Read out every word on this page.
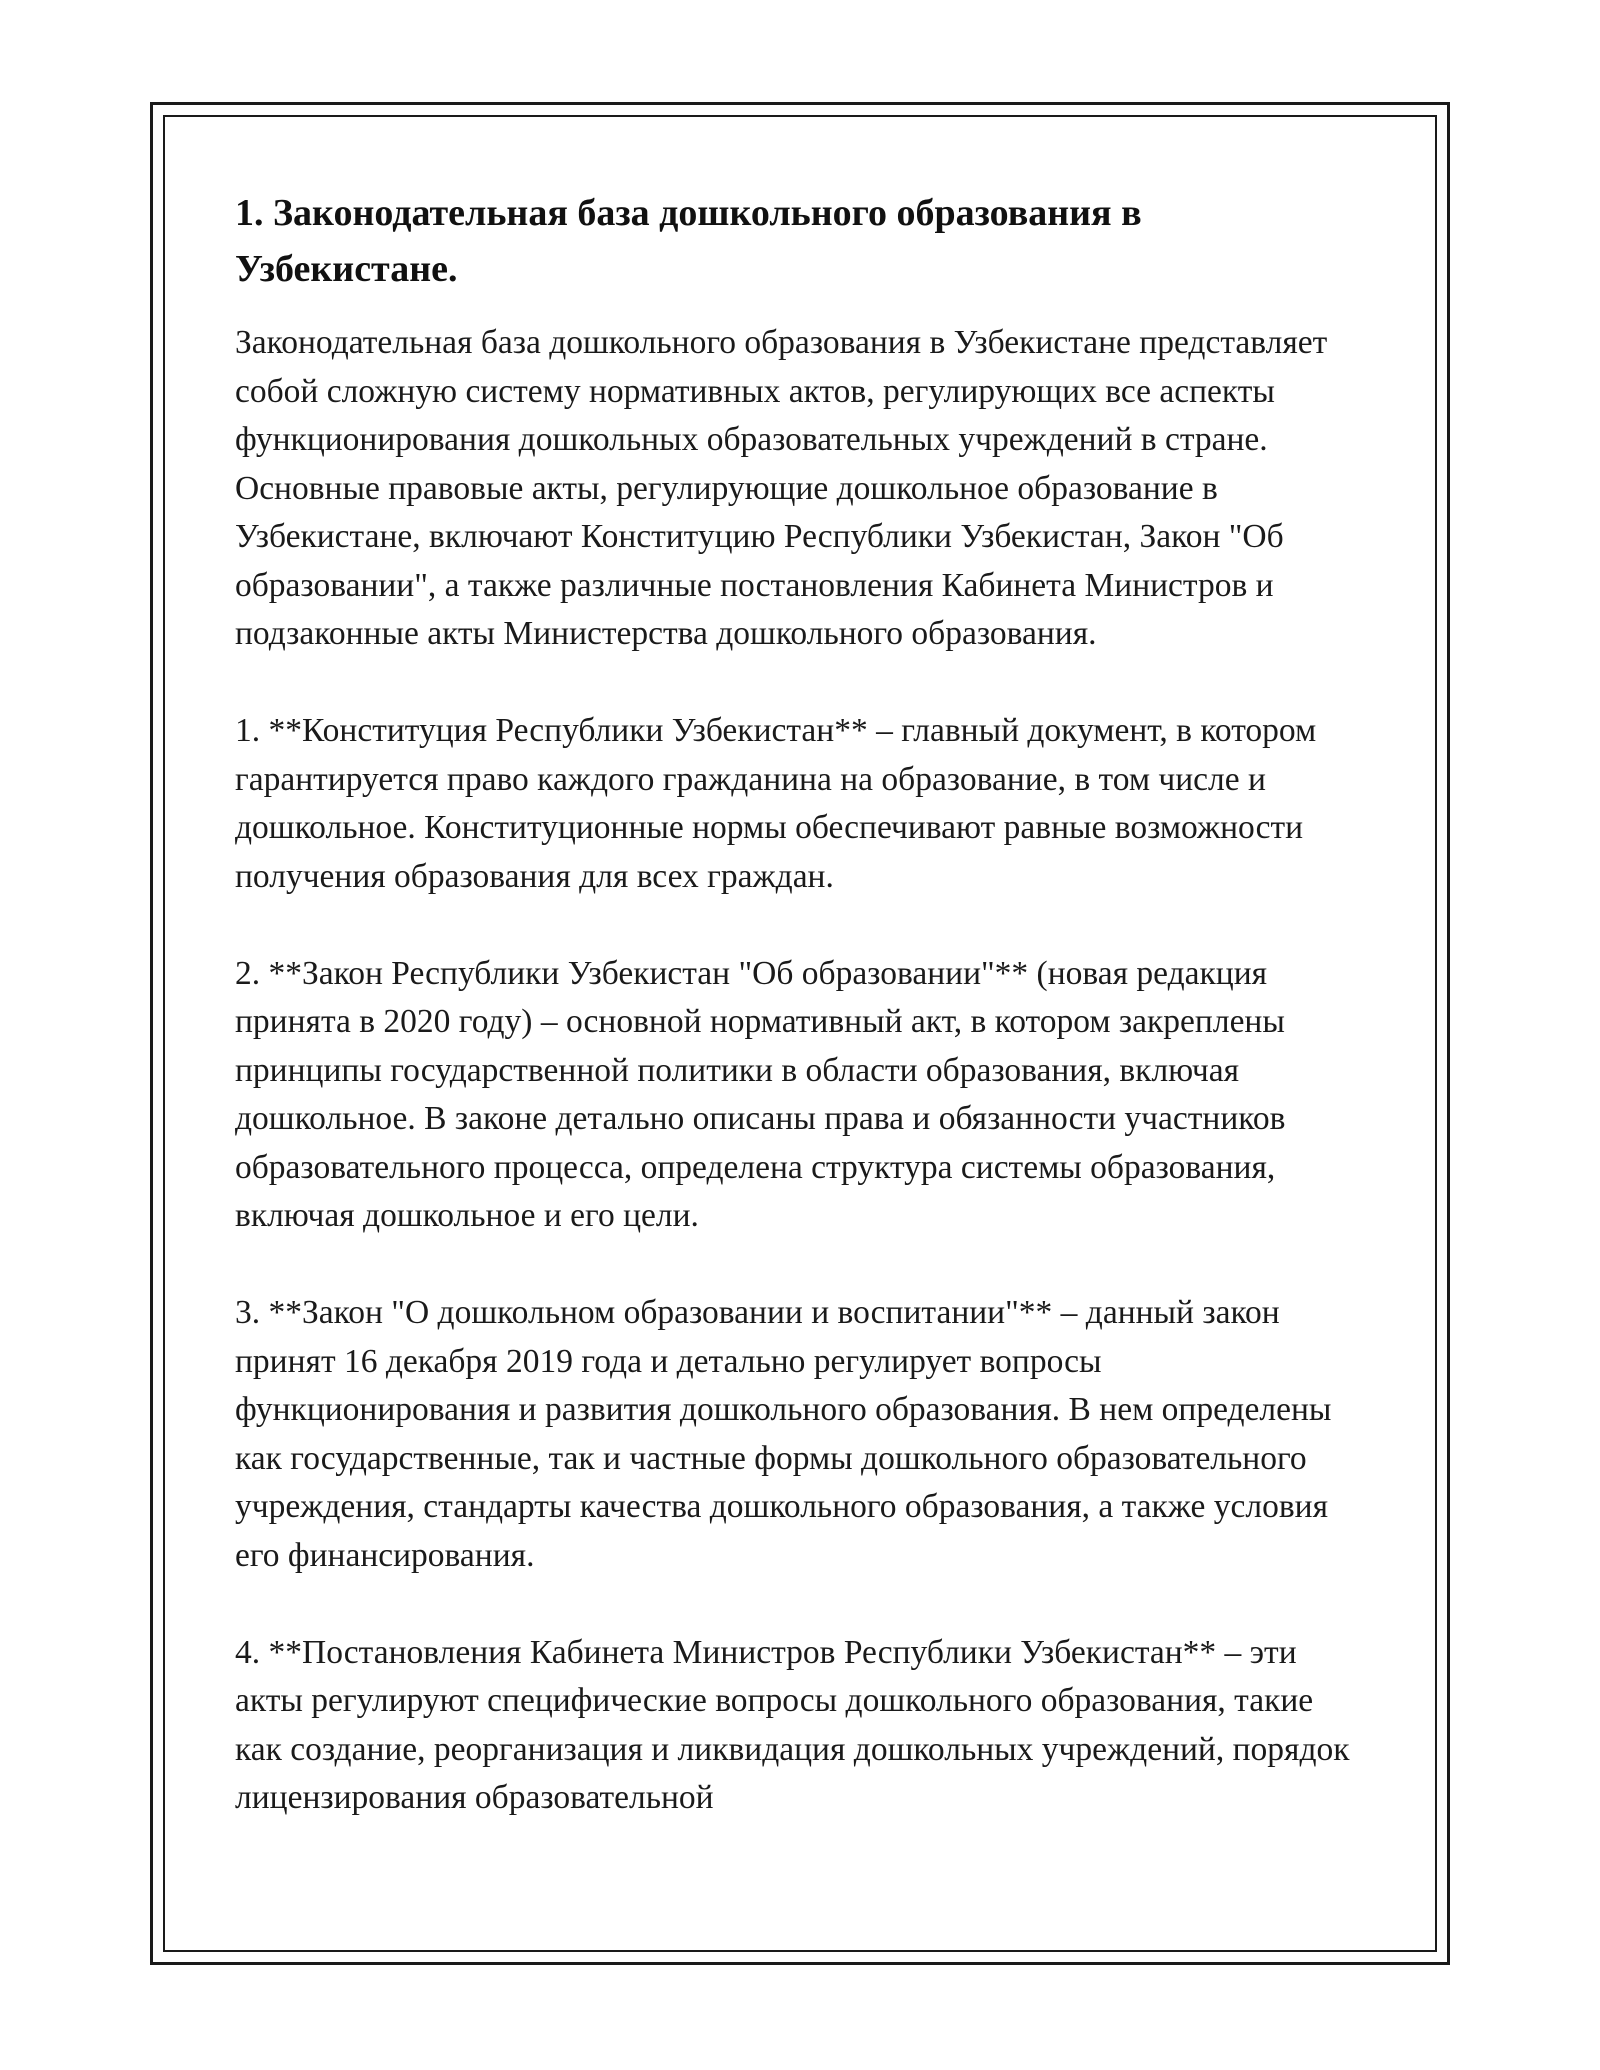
1. Законодательная база дошкольного образования в Узбекистане.

Законодательная база дошкольного образования в Узбекистане представляет собой сложную систему нормативных актов, регулирующих все аспекты функционирования дошкольных образовательных учреждений в стране. Основные правовые акты, регулирующие дошкольное образование в Узбекистане, включают Конституцию Республики Узбекистан, Закон "Об образовании", а также различные постановления Кабинета Министров и подзаконные акты Министерства дошкольного образования.

1. **Конституция Республики Узбекистан** – главный документ, в котором гарантируется право каждого гражданина на образование, в том числе и дошкольное. Конституционные нормы обеспечивают равные возможности получения образования для всех граждан.

2. **Закон Республики Узбекистан "Об образовании"** (новая редакция принята в 2020 году) – основной нормативный акт, в котором закреплены принципы государственной политики в области образования, включая дошкольное. В законе детально описаны права и обязанности участников образовательного процесса, определена структура системы образования, включая дошкольное и его цели.

3. **Закон "О дошкольном образовании и воспитании"** – данный закон принят 16 декабря 2019 года и детально регулирует вопросы функционирования и развития дошкольного образования. В нем определены как государственные, так и частные формы дошкольного образовательного учреждения, стандарты качества дошкольного образования, а также условия его финансирования.

4. **Постановления Кабинета Министров Республики Узбекистан** – эти акты регулируют специфические вопросы дошкольного образования, такие как создание, реорганизация и ликвидация дошкольных учреждений, порядок лицензирования образовательной
